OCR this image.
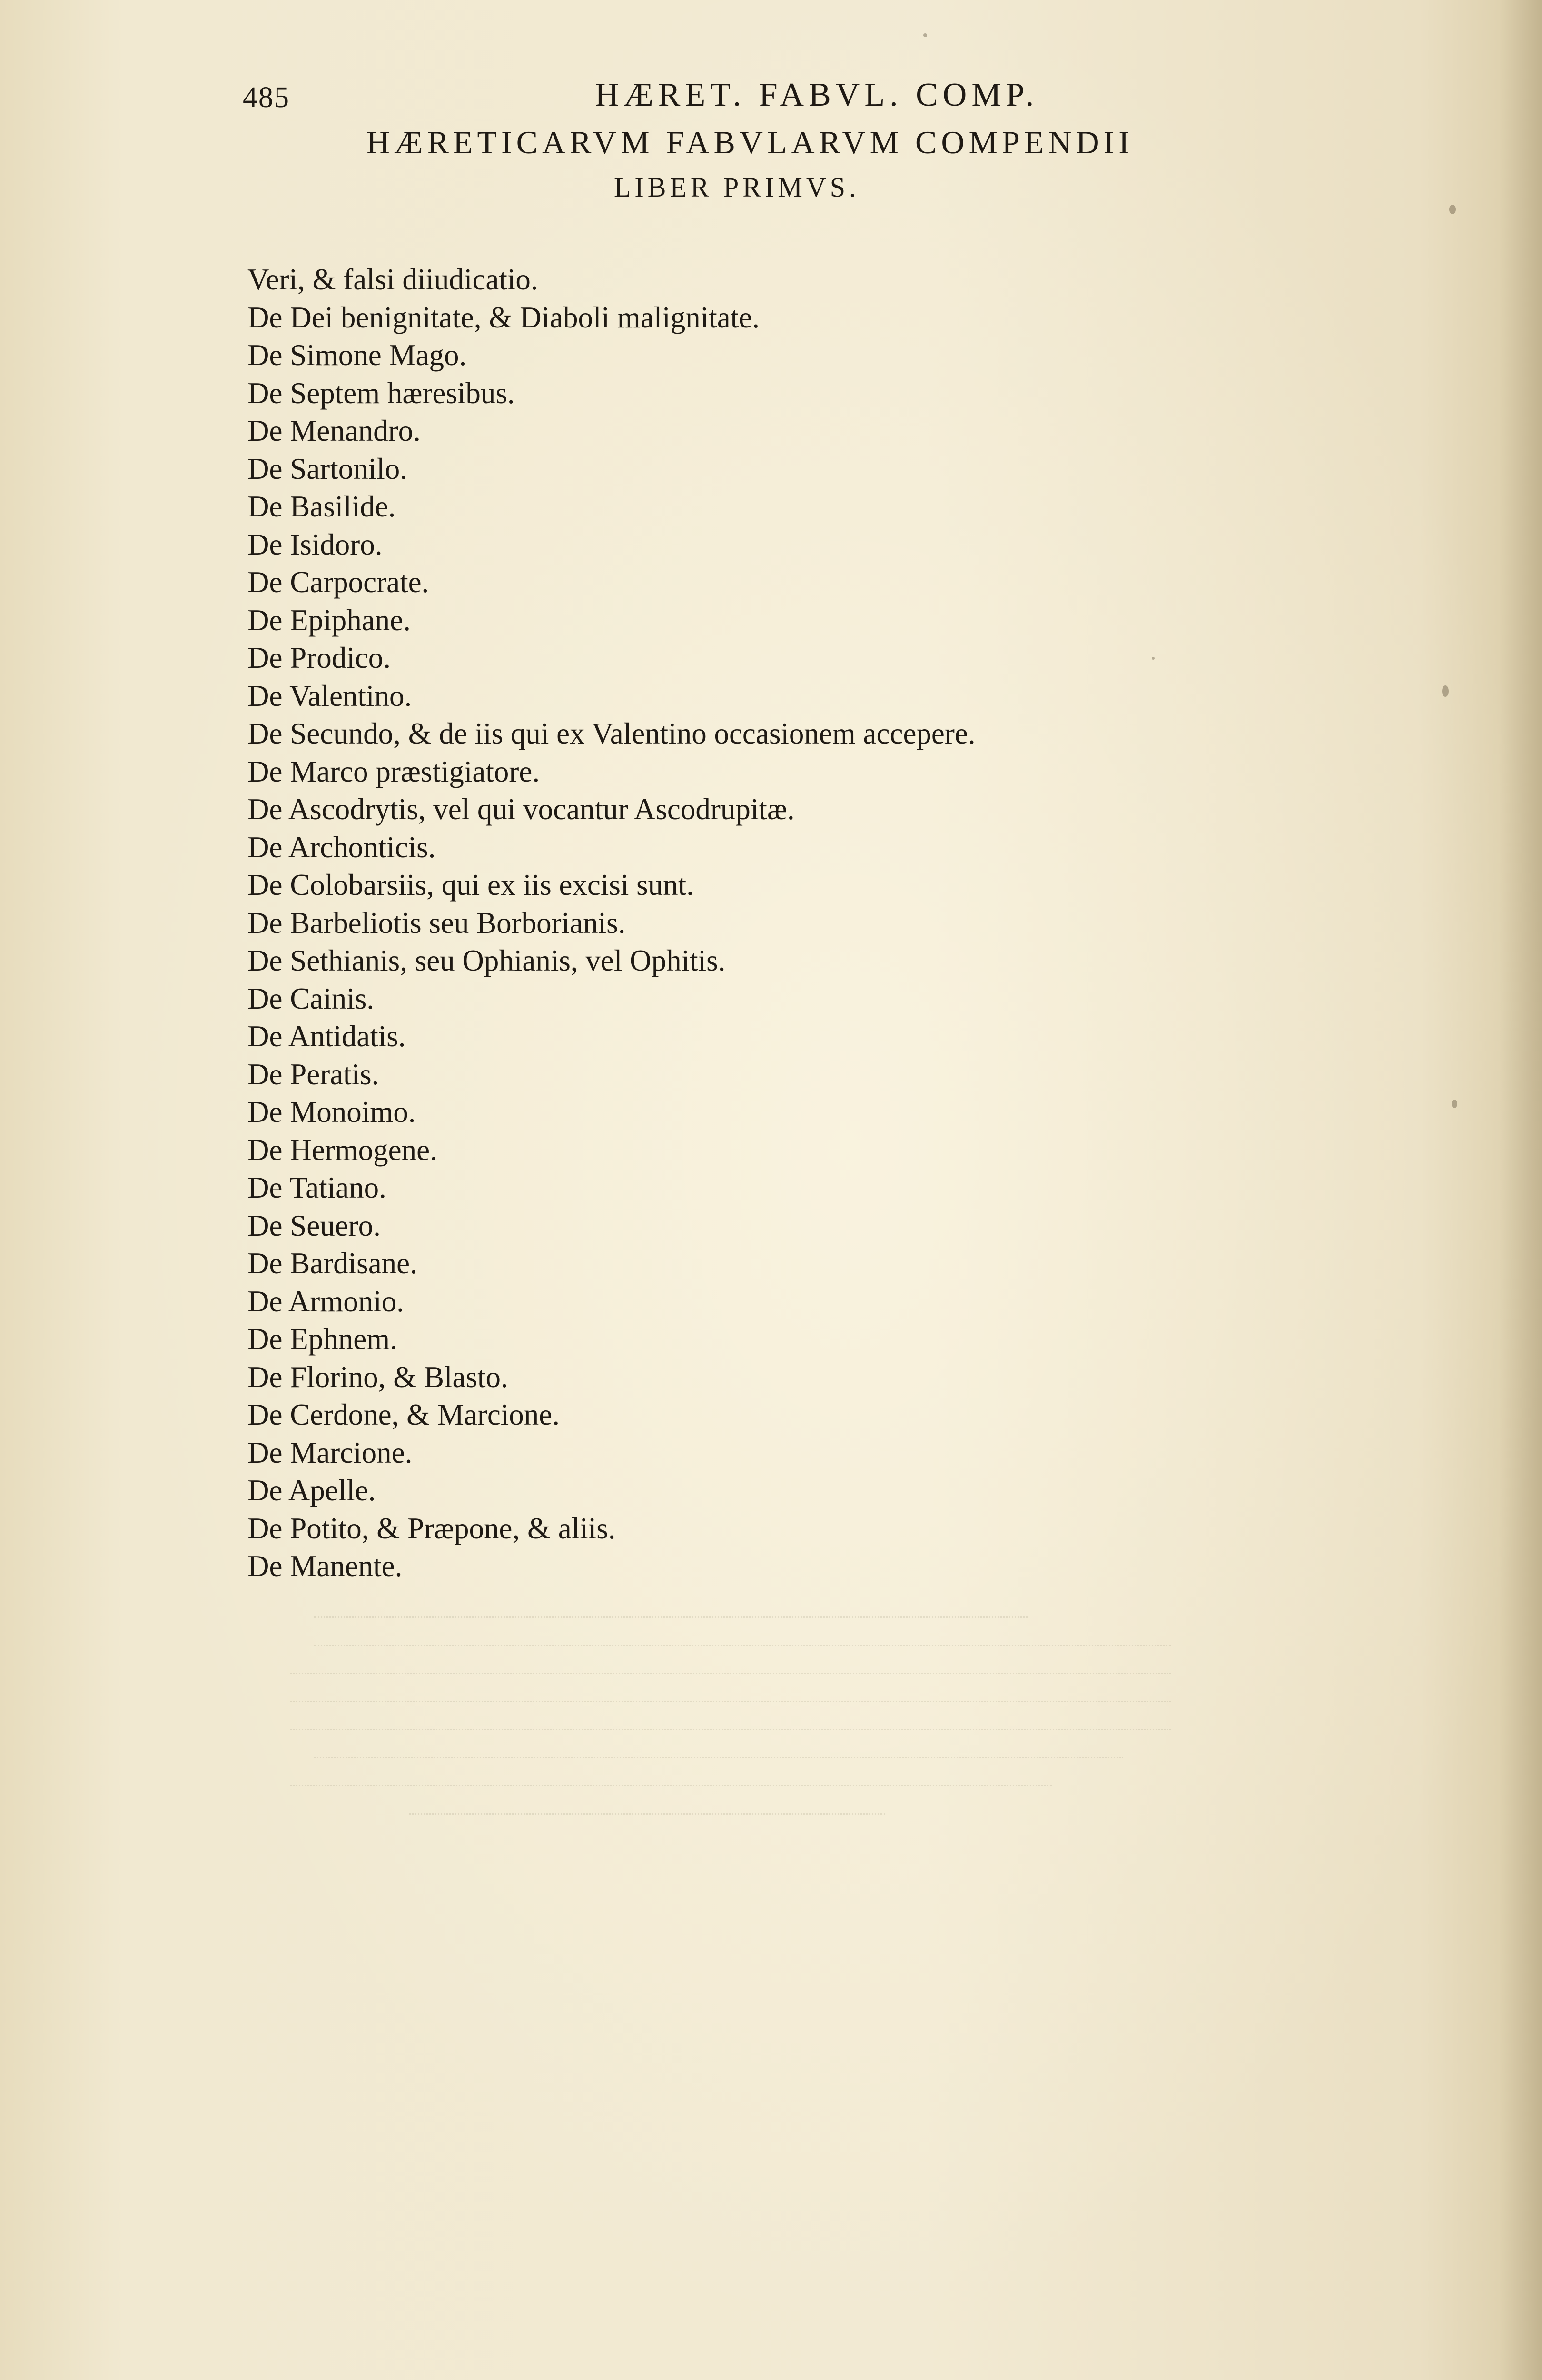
485	HÆRET. FABVL. COMP.
HÆRETICARVM FABVLARVM COMPENDII
LIBER PRIMVS.
Veri, & falsi diiudicatio.
De Dei benignitate, & Diaboli malignitate.
De Simone Mago.
De Septem hæresibus.
De Menandro.
De Sartonilo.
De Basilide.
De Isidoro.
De Carpocrate.
De Epiphane.
De Prodico.
De Valentino.
De Secundo, & de iis qui ex Valentino occasionem accepere.
De Marco præstigiatore.
De Ascodrytis, vel qui vocantur Ascodrupitæ.
De Archonticis.
De Colobarsiis, qui ex iis excisi sunt.
De Barbeliotis seu Borborianis.
De Sethianis, seu Ophianis, vel Ophitis.
De Cainis.
De Antidatis.
De Peratis.
De Monoimo.
De Hermogene.
De Tatiano.
De Seuero.
De Bardisane.
De Armonio.
De Ephnem.
De Florino, & Blasto.
De Cerdone, & Marcione.
De Marcione.
De Apelle.
De Potito, & Præpone, & aliis.
De Manente.
